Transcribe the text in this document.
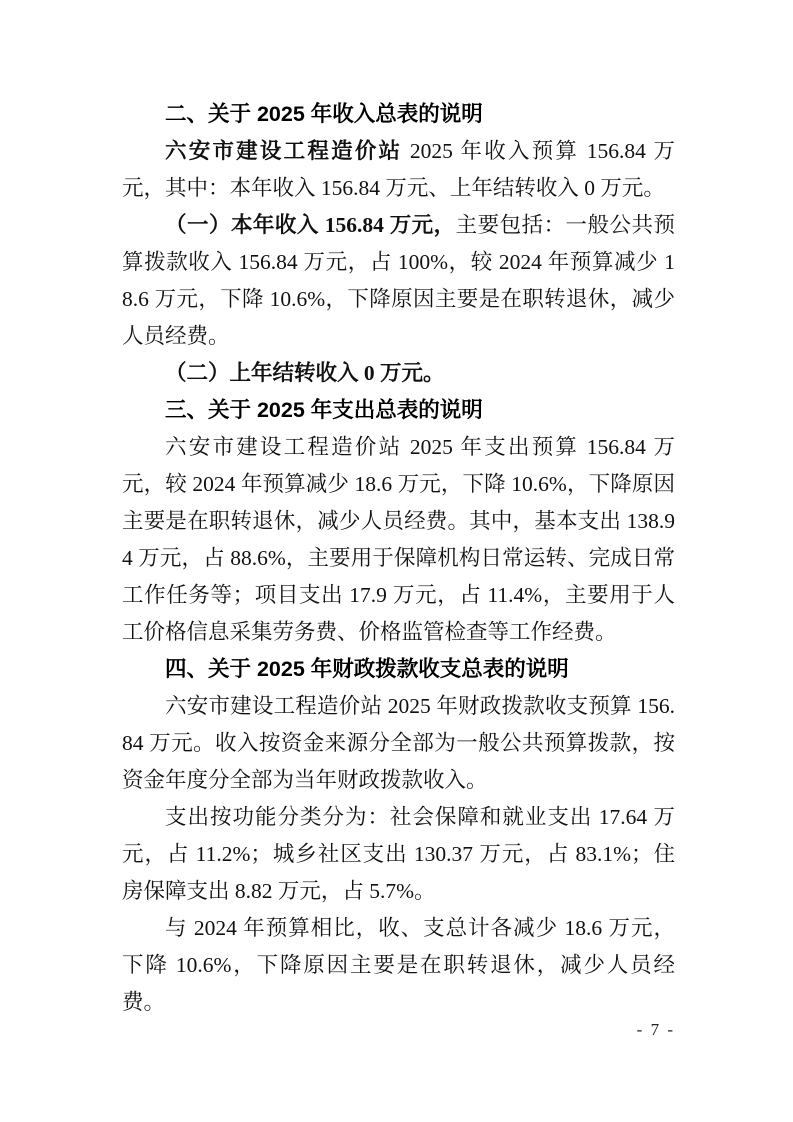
二、关于 2025 年收入总表的说明

六安市建设工程造价站 2025 年收入预算 156.84 万元，其中：本年收入 156.84 万元、上年结转收入 0 万元。

（一）本年收入 156.84 万元，主要包括：一般公共预算拨款收入 156.84 万元，占 100%，较 2024 年预算减少 18.6 万元，下降 10.6%，下降原因主要是在职转退休，减少人员经费。

（二）上年结转收入 0 万元。

三、关于 2025 年支出总表的说明

六安市建设工程造价站 2025 年支出预算 156.84 万元，较 2024 年预算减少 18.6 万元，下降 10.6%，下降原因主要是在职转退休，减少人员经费。其中，基本支出 138.94 万元，占 88.6%，主要用于保障机构日常运转、完成日常工作任务等；项目支出 17.9 万元，占 11.4%，主要用于人工价格信息采集劳务费、价格监管检查等工作经费。

四、关于 2025 年财政拨款收支总表的说明

六安市建设工程造价站 2025 年财政拨款收支预算 156.84 万元。收入按资金来源分全部为一般公共预算拨款，按资金年度分全部为当年财政拨款收入。

支出按功能分类分为：社会保障和就业支出 17.64 万元，占 11.2%；城乡社区支出 130.37 万元，占 83.1%；住房保障支出 8.82 万元，占 5.7%。

与 2024 年预算相比，收、支总计各减少 18.6 万元，下降 10.6%，下降原因主要是在职转退休，减少人员经费。

- 7 -
